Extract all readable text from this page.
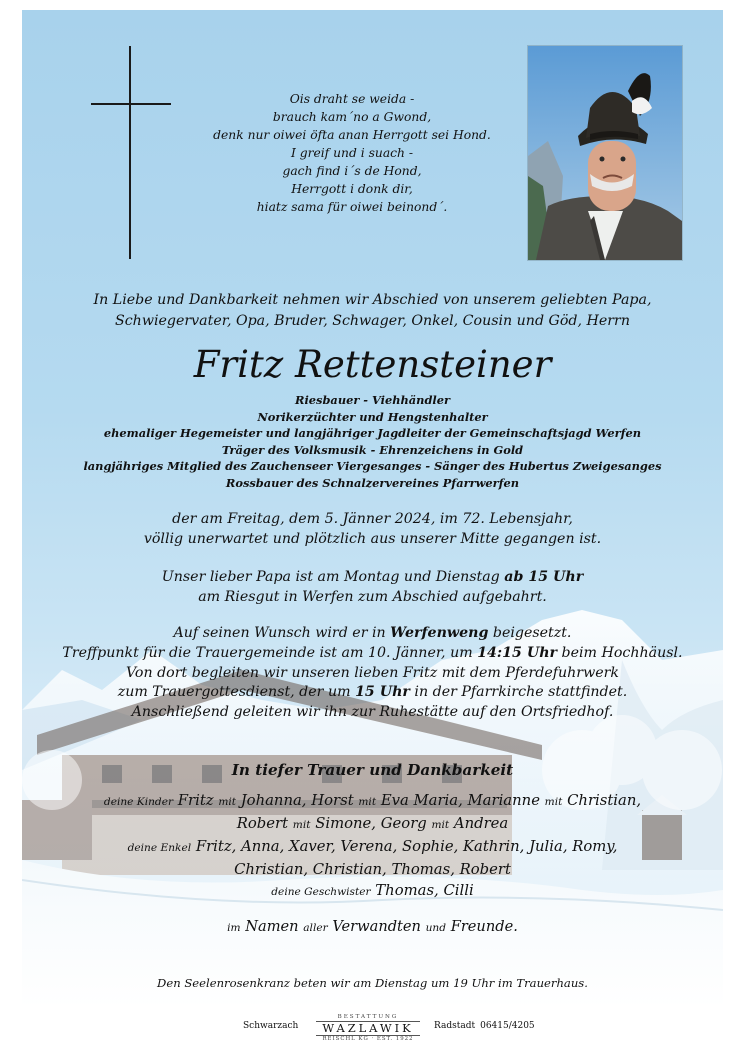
Ois draht se weida -
brauch kam´no a Gwond,
denk nur oiwei öfta anan Herrgott sei Hond.
I greif und i suach -
gach find i´s de Hond,
Herrgott i donk dir,
hiatz sama für oiwei beinond´.
In Liebe und Dankbarkeit nehmen wir Abschied von unserem geliebten Papa,
Schwiegervater, Opa, Bruder, Schwager, Onkel, Cousin und Göd, Herrn
Fritz Rettensteiner
Riesbauer - Viehhändler
Norikerzüchter und Hengstenhalter
ehemaliger Hegemeister und langjähriger Jagdleiter der Gemeinschaftsjagd Werfen
Träger des Volksmusik - Ehrenzeichens in Gold
langjähriges Mitglied des Zauchenseer Viergesanges - Sänger des Hubertus Zweigesanges
Rossbauer des Schnalzervereines Pfarrwerfen
der am Freitag, dem 5. Jänner 2024, im 72. Lebensjahr,
völlig unerwartet und plötzlich aus unserer Mitte gegangen ist.
Unser lieber Papa ist am Montag und Dienstag ab 15 Uhr
am Riesgut in Werfen zum Abschied aufgebahrt.
Auf seinen Wunsch wird er in Werfenweng beigesetzt.
Treffpunkt für die Trauergemeinde ist am 10. Jänner, um 14:15 Uhr beim Hochhäusl.
Von dort begleiten wir unseren lieben Fritz mit dem Pferdefuhrwerk
zum Trauergottesdienst, der um 15 Uhr in der Pfarrkirche stattfindet.
Anschließend geleiten wir ihn zur Ruhestätte auf den Ortsfriedhof.
In tiefer Trauer und Dankbarkeit
deine Kinder Fritz mit Johanna, Horst mit Eva Maria, Marianne mit Christian,
Robert mit Simone, Georg mit Andrea
deine Enkel Fritz, Anna, Xaver, Verena, Sophie, Kathrin, Julia, Romy,
Christian, Christian, Thomas, Robert
deine Geschwister Thomas, Cilli
im Namen aller Verwandten und Freunde.
Den Seelenrosenkranz beten wir am Dienstag um 19 Uhr im Trauerhaus.
Schwarzach
BESTATTUNG
WAZLAWIK
REISCHL KG · EST. 1922
Radstadt 06415/4205
